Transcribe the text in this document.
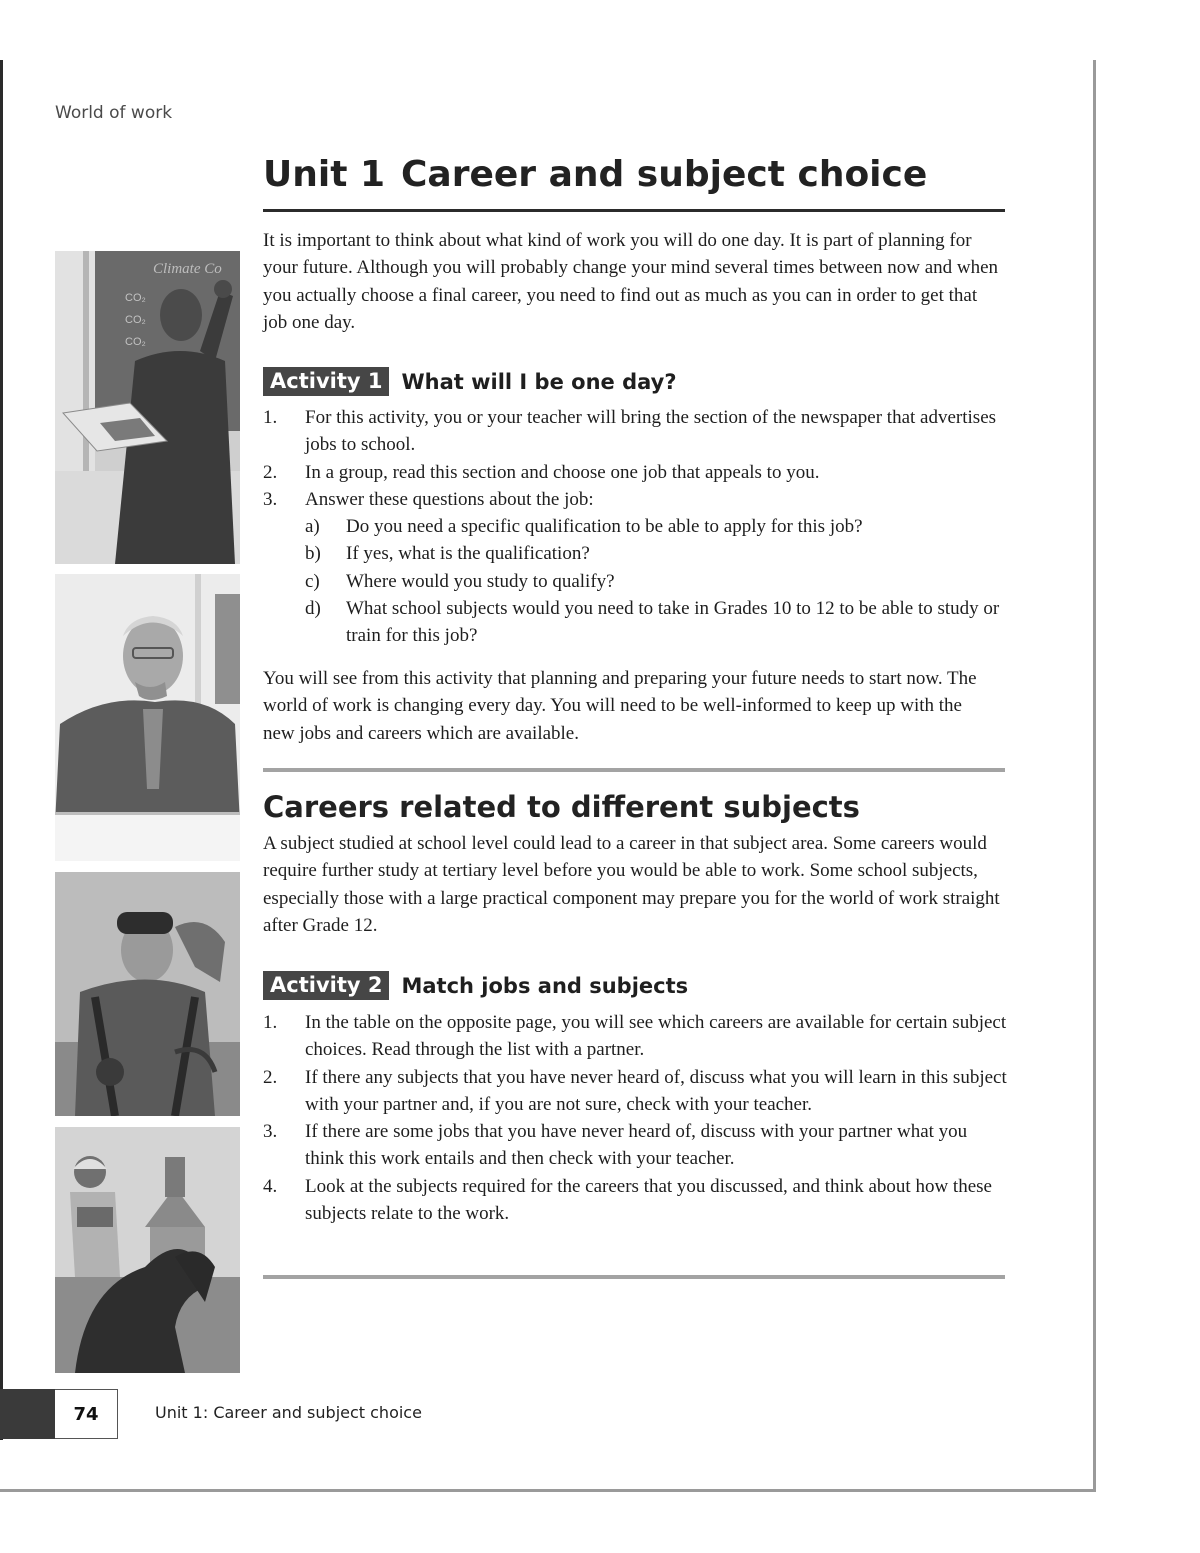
World of work
Unit 1 Career and subject choice

It is important to think about what kind of work you will do one day. It is part of planning for your future. Although you will probably change your mind several times between now and when you actually choose a final career, you need to find out as much as you can in order to get that job one day.

Activity 1 What will I be one day?
1. For this activity, you or your teacher will bring the section of the newspaper that advertises jobs to school.
2. In a group, read this section and choose one job that appeals to you.
3. Answer these questions about the job:
a) Do you need a specific qualification to be able to apply for this job?
b) If yes, what is the qualification?
c) Where would you study to qualify?
d) What school subjects would you need to take in Grades 10 to 12 to be able to study or train for this job?

You will see from this activity that planning and preparing your future needs to start now. The world of work is changing every day. You will need to be well-informed to keep up with the new jobs and careers which are available.

Careers related to different subjects

A subject studied at school level could lead to a career in that subject area. Some careers would require further study at tertiary level before you would be able to work. Some school subjects, especially those with a large practical component may prepare you for the world of work straight after Grade 12.

Activity 2 Match jobs and subjects
1. In the table on the opposite page, you will see which careers are available for certain subject choices. Read through the list with a partner.
2. If there any subjects that you have never heard of, discuss what you will learn in this subject with your partner and, if you are not sure, check with your teacher.
3. If there are some jobs that you have never heard of, discuss with your partner what you think this work entails and then check with your teacher.
4. Look at the subjects required for the careers that you discussed, and think about how these subjects relate to the work.
Climate Co
CO₂
CO₂
CO₂
74	Unit 1: Career and subject choice
